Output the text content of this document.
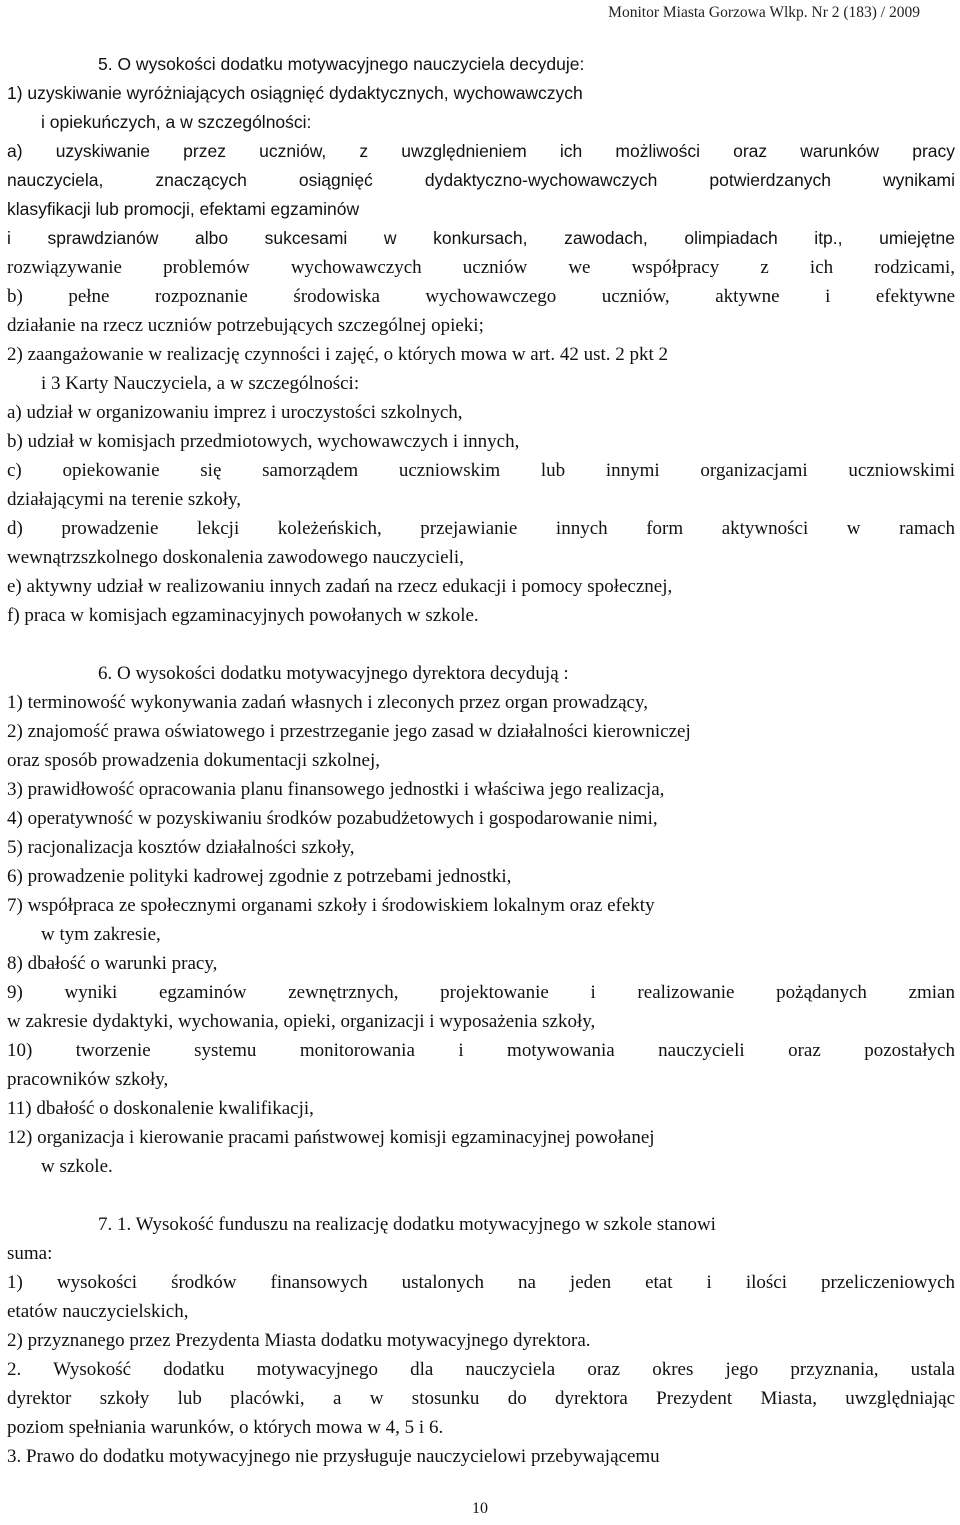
Monitor Miasta Gorzowa Wlkp. Nr 2 (183) / 2009
5. O wysokości dodatku motywacyjnego nauczyciela decyduje:
1) uzyskiwanie wyróżniających osiągnięć dydaktycznych, wychowawczych
i opiekuńczych, a w szczególności:
a) uzyskiwanie przez uczniów, z uwzględnieniem ich możliwości oraz warunków pracy
nauczyciela, znaczących osiągnięć dydaktyczno-wychowawczych potwierdzanych wynikami
klasyfikacji lub promocji, efektami egzaminów
i sprawdzianów albo sukcesami w konkursach, zawodach, olimpiadach itp., umiejętne
rozwiązywanie problemów wychowawczych uczniów we współpracy z ich rodzicami,
b) pełne rozpoznanie środowiska wychowawczego uczniów, aktywne i efektywne
działanie na rzecz uczniów potrzebujących szczególnej opieki;
2) zaangażowanie w realizację czynności i zajęć, o których mowa w art. 42 ust. 2 pkt 2
i 3 Karty Nauczyciela, a w szczególności:
a) udział w organizowaniu imprez i uroczystości szkolnych,
b) udział w komisjach przedmiotowych, wychowawczych i innych,
c) opiekowanie się samorządem uczniowskim lub innymi organizacjami uczniowskimi
działającymi na terenie szkoły,
d) prowadzenie lekcji koleżeńskich, przejawianie innych form aktywności w ramach
wewnątrzszkolnego doskonalenia zawodowego nauczycieli,
e) aktywny udział w realizowaniu innych zadań na rzecz edukacji i pomocy społecznej,
f) praca w komisjach egzaminacyjnych powołanych w szkole.
6. O wysokości dodatku motywacyjnego dyrektora decydują :
1) terminowość wykonywania zadań własnych i zleconych przez organ prowadzący,
2) znajomość prawa oświatowego i przestrzeganie jego zasad w działalności kierowniczej
oraz sposób prowadzenia dokumentacji szkolnej,
3) prawidłowość opracowania planu finansowego jednostki i właściwa jego realizacja,
4) operatywność w pozyskiwaniu środków pozabudżetowych i gospodarowanie nimi,
5) racjonalizacja kosztów działalności szkoły,
6) prowadzenie polityki kadrowej zgodnie z potrzebami jednostki,
7) współpraca ze społecznymi organami szkoły i środowiskiem lokalnym oraz efekty
w tym zakresie,
8) dbałość o warunki pracy,
9) wyniki egzaminów zewnętrznych, projektowanie i realizowanie pożądanych zmian
w zakresie dydaktyki, wychowania, opieki, organizacji i wyposażenia szkoły,
10) tworzenie systemu monitorowania i motywowania nauczycieli oraz pozostałych
pracowników szkoły,
11) dbałość o doskonalenie kwalifikacji,
12) organizacja i kierowanie pracami państwowej komisji egzaminacyjnej powołanej
w szkole.
7. 1. Wysokość funduszu na realizację dodatku motywacyjnego w szkole stanowi
suma:
1) wysokości środków finansowych ustalonych na jeden etat i ilości przeliczeniowych
etatów nauczycielskich,
2) przyznanego przez Prezydenta Miasta dodatku motywacyjnego dyrektora.
2. Wysokość dodatku motywacyjnego dla nauczyciela oraz okres jego przyznania, ustala
dyrektor szkoły lub placówki, a w stosunku do dyrektora Prezydent Miasta, uwzględniając
poziom spełniania warunków, o których mowa w 4, 5 i 6.
3. Prawo do dodatku motywacyjnego nie przysługuje nauczycielowi przebywającemu
10
